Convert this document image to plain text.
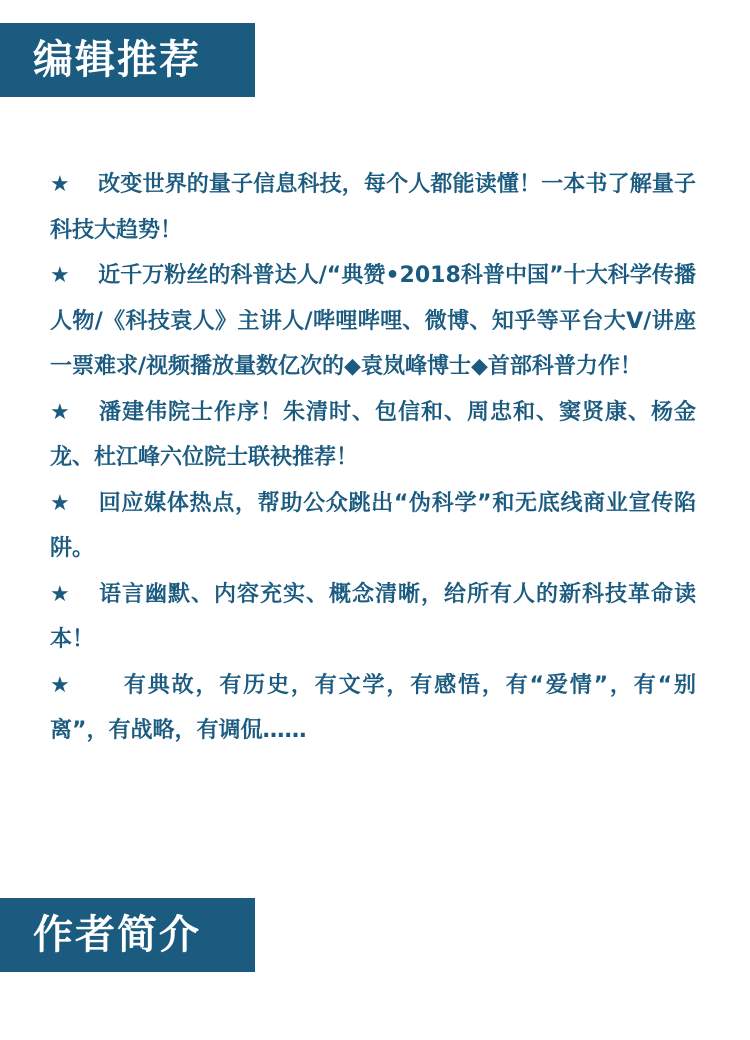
编辑推荐
★ 改变世界的量子信息科技，每个人都能读懂！一本书了解量子科技大趋势！
★ 近千万粉丝的科普达人/“典赞•2018科普中国”十大科学传播人物/《科技袁人》主讲人/哔哩哔哩、微博、知乎等平台大V/讲座一票难求/视频播放量数亿次的◆袁岚峰博士◆首部科普力作！
★ 潘建伟院士作序！朱清时、包信和、周忠和、窦贤康、杨金龙、杜江峰六位院士联袂推荐！
★ 回应媒体热点，帮助公众跳出“伪科学”和无底线商业宣传陷阱。
★ 语言幽默、内容充实、概念清晰，给所有人的新科技革命读本！
★ 有典故，有历史，有文学，有感悟，有“爱情”，有“别离”，有战略，有调侃……
作者简介
